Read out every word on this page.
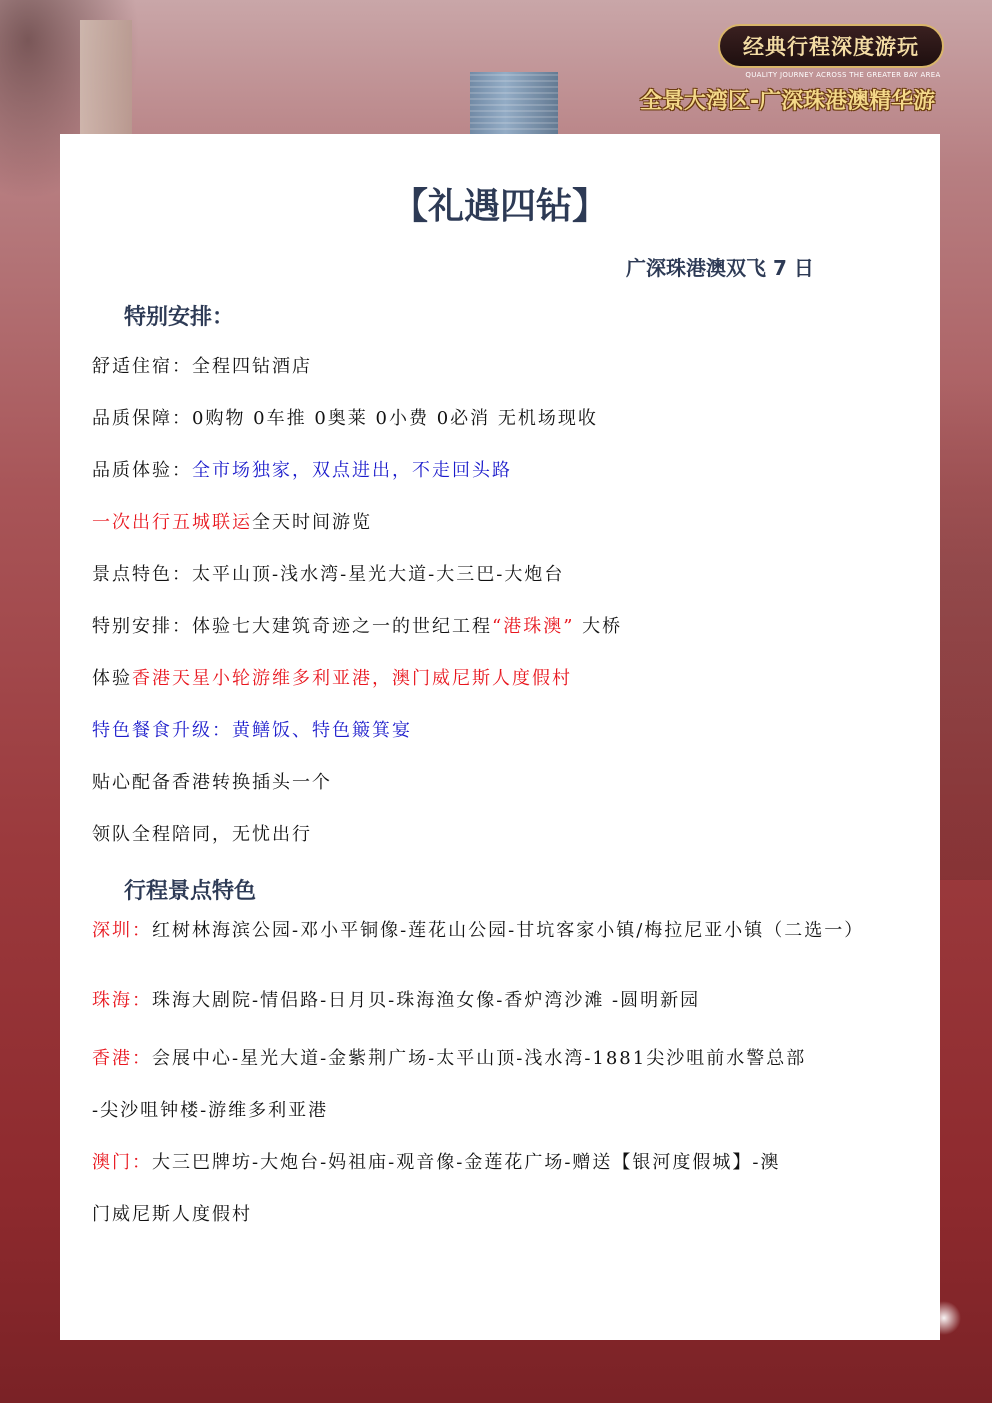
经典行程深度游玩
QUALITY JOURNEY ACROSS THE GREATER BAY AREA
全景大湾区-广深珠港澳精华游
【礼遇四钻】
广深珠港澳双飞 7 日
特别安排：
舒适住宿：全程四钻酒店
品质保障：0购物 0车推 0奥莱 0小费 0必消 无机场现收
品质体验：全市场独家，双点进出，不走回头路
一次出行五城联运全天时间游览
景点特色：太平山顶-浅水湾-星光大道-大三巴-大炮台
特别安排：体验七大建筑奇迹之一的世纪工程“港珠澳” 大桥
体验香港天星小轮游维多利亚港，澳门威尼斯人度假村
特色餐食升级：黄鳝饭、特色簸箕宴
贴心配备香港转换插头一个
领队全程陪同，无忧出行
行程景点特色
深圳：红树林海滨公园-邓小平铜像-莲花山公园-甘坑客家小镇/梅拉尼亚小镇（二选一）
珠海：珠海大剧院-情侣路-日月贝-珠海渔女像-香炉湾沙滩 -圆明新园
香港：会展中心-星光大道-金紫荆广场-太平山顶-浅水湾-1881尖沙咀前水警总部
-尖沙咀钟楼-游维多利亚港
澳门：大三巴牌坊-大炮台-妈祖庙-观音像-金莲花广场-赠送【银河度假城】-澳
门威尼斯人度假村
